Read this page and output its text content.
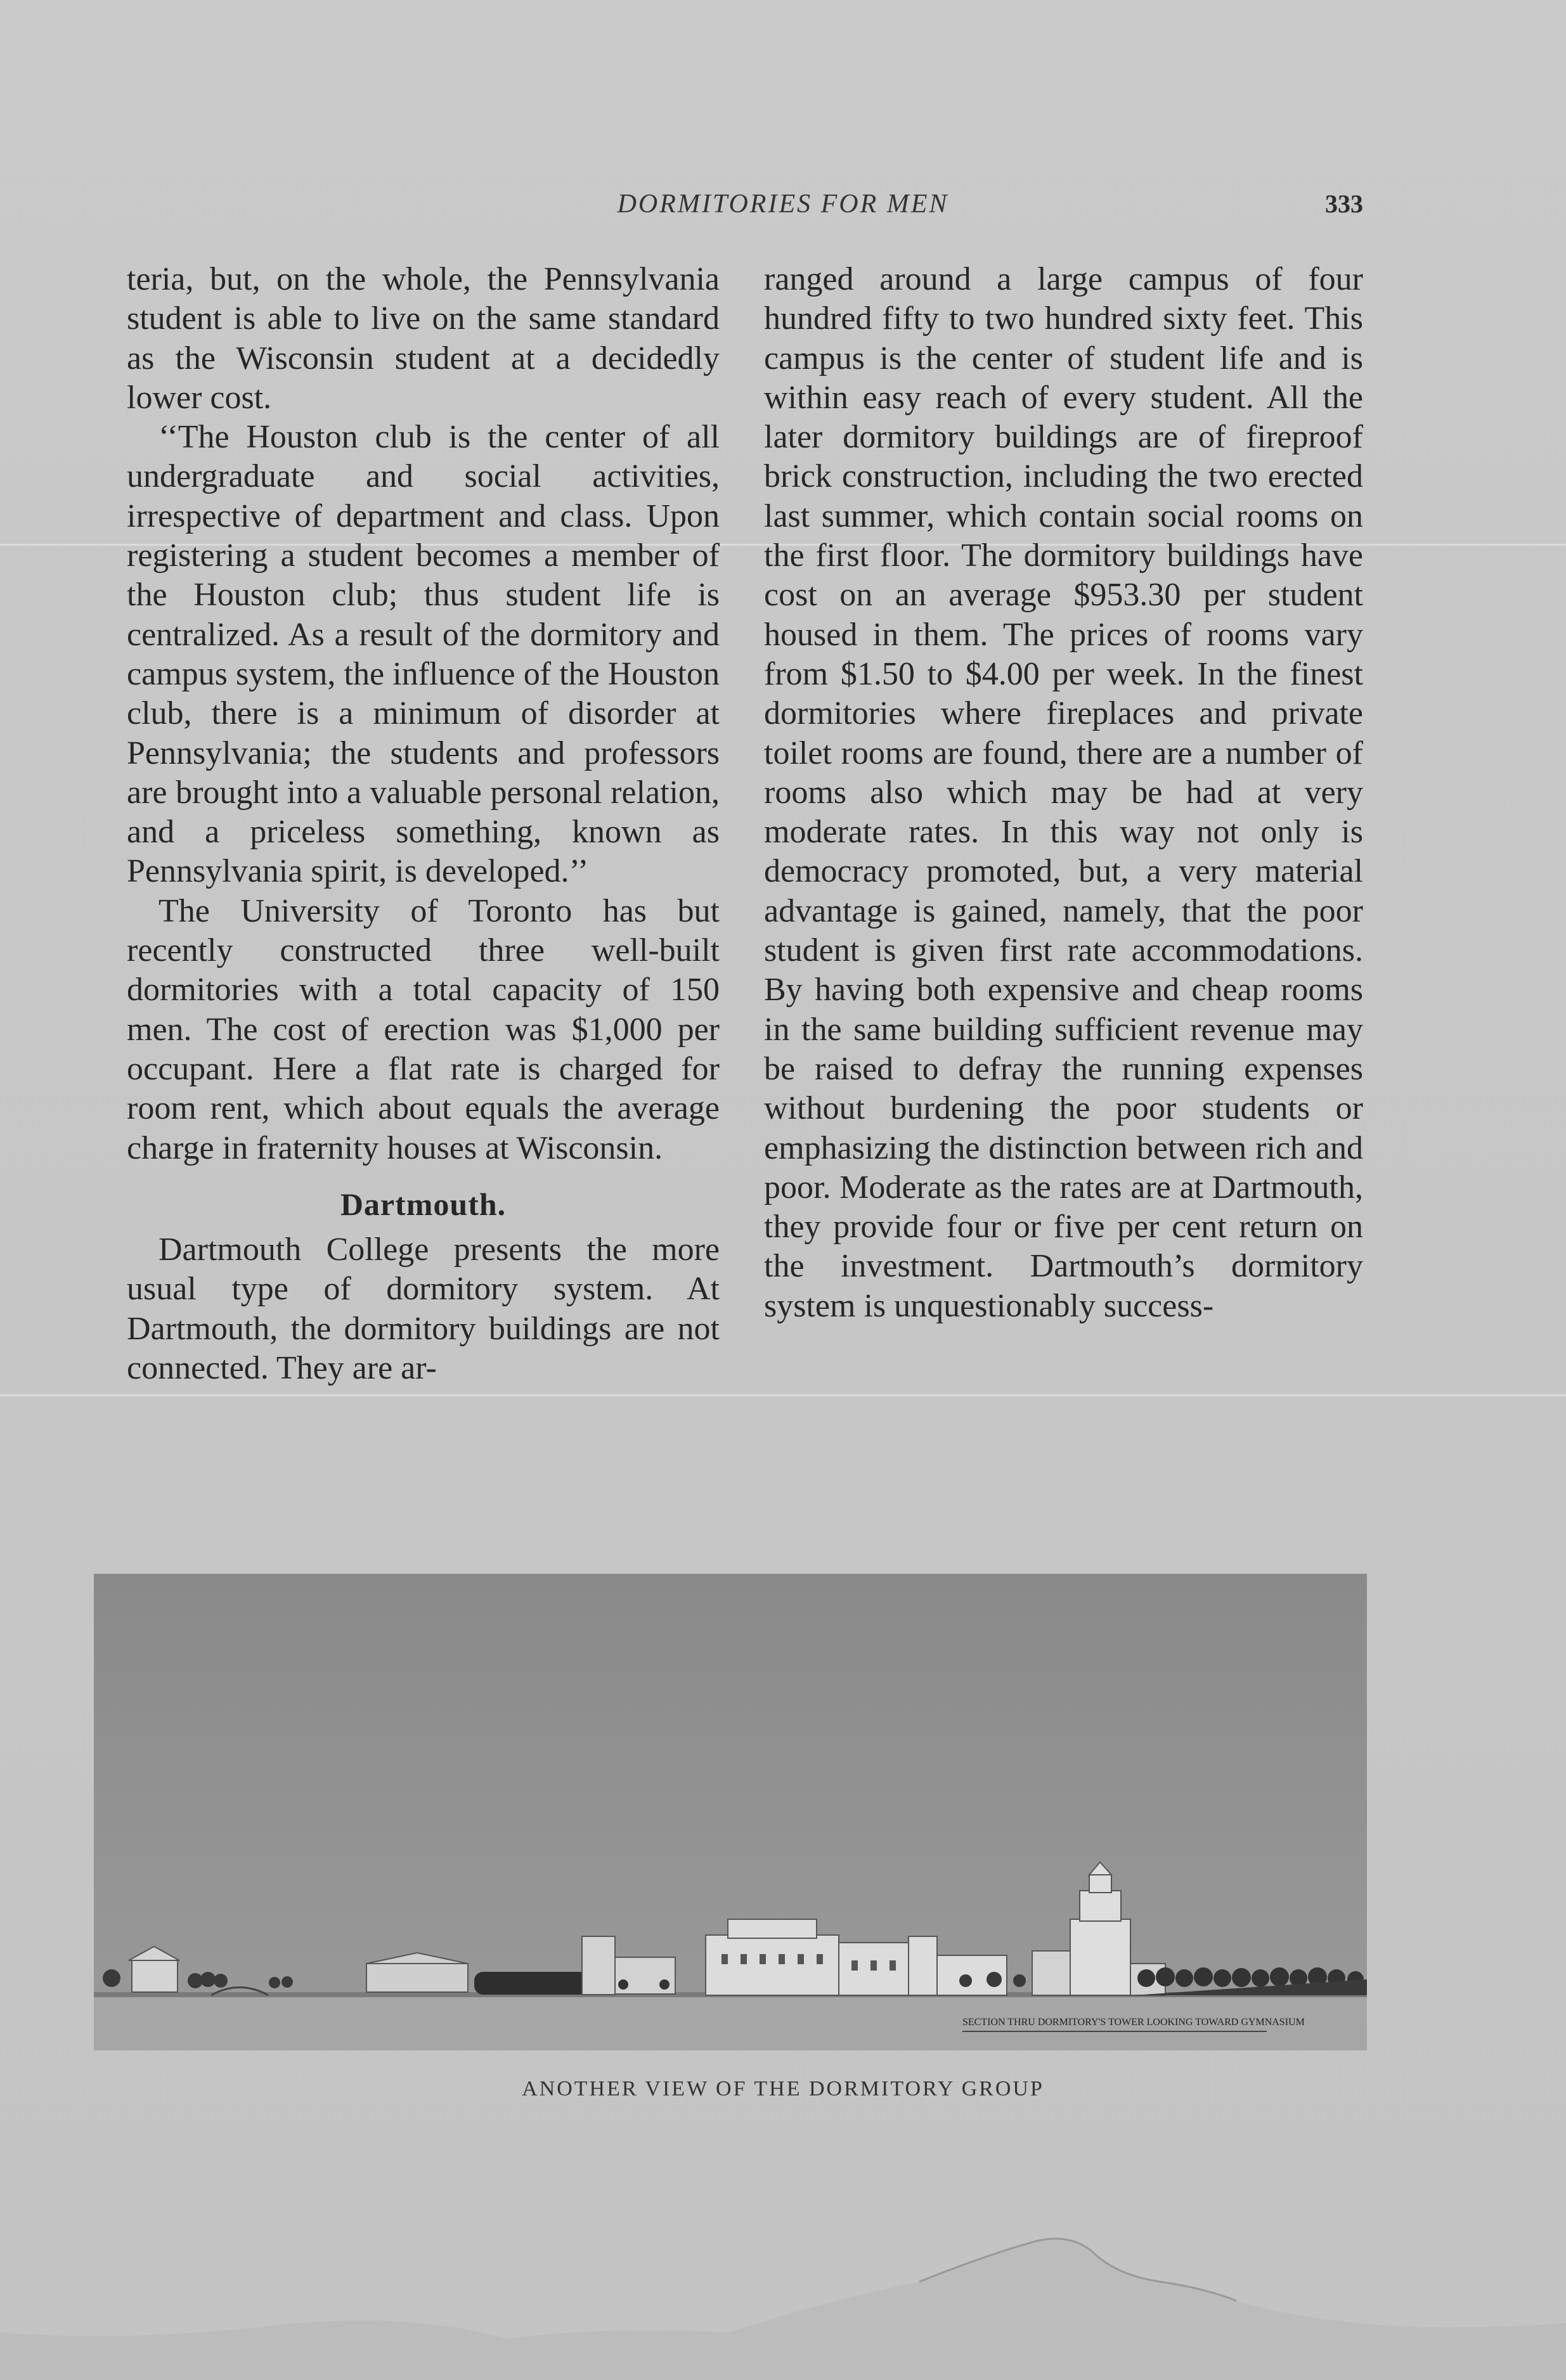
DORMITORIES FOR MEN	333

teria, but, on the whole, the Pennsylvania student is able to live on the same standard as the Wisconsin student at a decidedly lower cost.

‘‘The Houston club is the center of all undergraduate and social activities, irrespective of department and class. Upon registering a student becomes a member of the Houston club; thus student life is centralized. As a result of the dormitory and campus system, the influence of the Houston club, there is a minimum of disorder at Pennsylvania; the students and professors are brought into a valuable personal relation, and a priceless something, known as Pennsylvania spirit, is developed.’’

The University of Toronto has but recently constructed three well-built dormitories with a total capacity of 150 men. The cost of erection was $1,000 per occupant. Here a flat rate is charged for room rent, which about equals the average charge in fraternity houses at Wisconsin.

Dartmouth.

Dartmouth College presents the more usual type of dormitory system. At Dartmouth, the dormitory buildings are not connected. They are ar-

ranged around a large campus of four hundred fifty to two hundred sixty feet. This campus is the center of student life and is within easy reach of every student. All the later dormitory buildings are of fireproof brick construction, including the two erected last summer, which contain social rooms on the first floor. The dormitory buildings have cost on an average $953.30 per student housed in them. The prices of rooms vary from $1.50 to $4.00 per week. In the finest dormitories where fireplaces and private toilet rooms are found, there are a number of rooms also which may be had at very moderate rates. In this way not only is democracy promoted, but, a very material advantage is gained, namely, that the poor student is given first rate accommodations. By having both expensive and cheap rooms in the same building sufficient revenue may be raised to defray the running expenses without burdening the poor students or emphasizing the distinction between rich and poor. Moderate as the rates are at Dartmouth, they provide four or five per cent return on the investment. Dartmouth’s dormitory system is unquestionably success-

SECTION THRU DORMITORY'S TOWER LOOKING TOWARD GYMNASIUM
ANOTHER VIEW OF THE DORMITORY GROUP
